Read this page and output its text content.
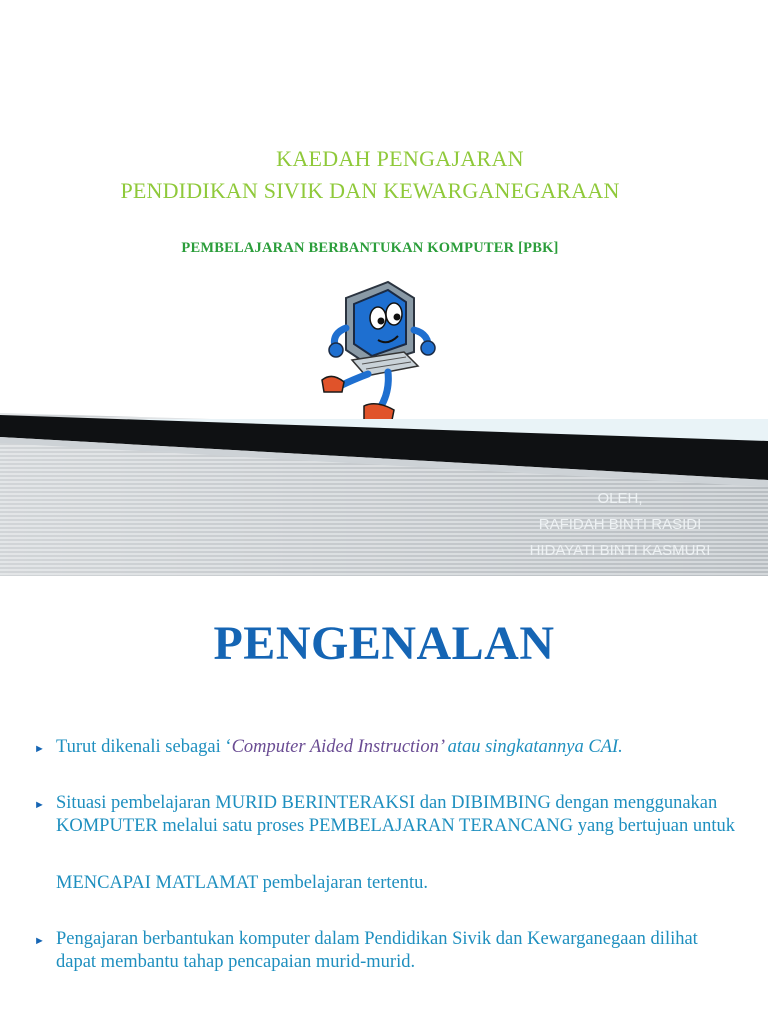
KAEDAH PENGAJARAN
PENDIDIKAN SIVIK DAN KEWARGANEGARAAN
PEMBELAJARAN BERBANTUKAN KOMPUTER [PBK]
OLEH,
RAFIDAH BINTI RASIDI
HIDAYATI BINTI KASMURI
PENGENALAN
► Turut dikenali sebagai ‘Computer Aided Instruction’ atau singkatannya CAI.
► Situasi pembelajaran MURID BERINTERAKSI dan DIBIMBING dengan menggunakan KOMPUTER melalui satu proses PEMBELAJARAN TERANCANG yang bertujuan untuk
MENCAPAI MATLAMAT pembelajaran tertentu.
► Pengajaran berbantukan komputer dalam Pendidikan Sivik dan Kewarganegaan dilihat dapat membantu tahap pencapaian murid-murid.
